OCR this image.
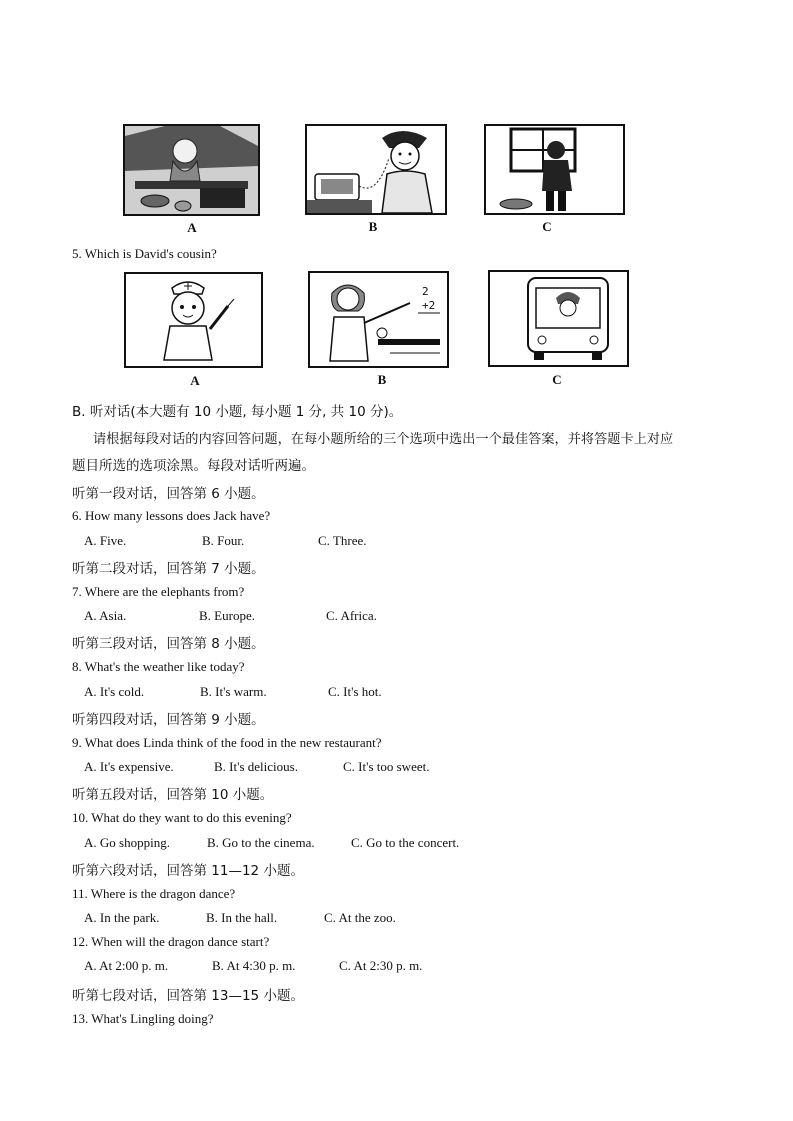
A	B	C
5. Which is David's cousin?
A
2
+2
B	C
B. 听对话(本大题有 10 小题, 每小题 1 分, 共 10 分)。
请根据每段对话的内容回答问题，在每小题所给的三个选项中选出一个最佳答案，并将答题卡上对应
题目所选的选项涂黑。每段对话听两遍。
听第一段对话，回答第 6 小题。
6. How many lessons does Jack have?
A. Five.	B. Four.	C. Three.
听第二段对话，回答第 7 小题。
7. Where are the elephants from?
A. Asia.	B. Europe.	C. Africa.
听第三段对话，回答第 8 小题。
8. What's the weather like today?
A. It's cold.	B. It's warm.	C. It's hot.
听第四段对话，回答第 9 小题。
9. What does Linda think of the food in the new restaurant?
A. It's expensive.	B. It's delicious.	C. It's too sweet.
听第五段对话，回答第 10 小题。
10. What do they want to do this evening?
A. Go shopping.	B. Go to the cinema.	C. Go to the concert.
听第六段对话，回答第 11—12 小题。
11. Where is the dragon dance?
A. In the park.	B. In the hall.	C. At the zoo.
12. When will the dragon dance start?
A. At 2:00 p. m.	B. At 4:30 p. m.	C. At 2:30 p. m.
听第七段对话，回答第 13—15 小题。
13. What's Lingling doing?
